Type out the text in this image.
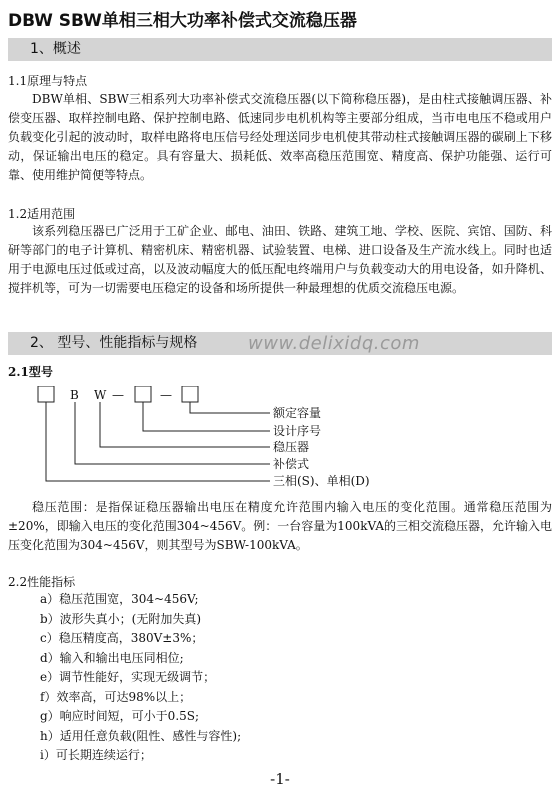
DBW SBW单相三相大功率补偿式交流稳压器
1、概述
1.1原理与特点

DBW单相、SBW三相系列大功率补偿式交流稳压器(以下简称稳压器)，是由柱式接触调压器、补偿变压器、取样控制电路、保护控制电路、低速同步电机机构等主要部分组成，当市电电压不稳或用户负载变化引起的波动时，取样电路将电压信号经处理送同步电机使其带动柱式接触调压器的碳刷上下移动，保证输出电压的稳定。具有容量大、损耗低、效率高稳压范围宽、精度高、保护功能强、运行可靠、使用维护简便等特点。

1.2适用范围

该系列稳压器已广泛用于工矿企业、邮电、油田、铁路、建筑工地、学校、医院、宾馆、国防、科研等部门的电子计算机、精密机床、精密机器、试验装置、电梯、进口设备及生产流水线上。同时也适用于电源电压过低或过高，以及波动幅度大的低压配电终端用户与负载变动大的用电设备，如升降机、搅拌机等，可为一切需要电压稳定的设备和场所提供一种最理想的优质交流稳压电源。

2、 型号、性能指标与规格	www.delixidq.com
2.1型号
B W —	—
额定容量
设计序号
稳压器
补偿式
三相(S)、单相(D)

稳压范围：是指保证稳压器输出电压在精度允许范围内输入电压的变化范围。通常稳压范围为±20%，即输入电压的变化范围304~456V。例：一台容量为100kVA的三相交流稳压器，允许输入电压变化范围为304~456V，则其型号为SBW-100kVA。

2.2性能指标
a）稳压范围宽，304~456V;
b）波形失真小；(无附加失真)
c）稳压精度高，380V±3%；
d）输入和输出电压同相位;
e）调节性能好，实现无级调节；
f）效率高，可达98%以上；
g）响应时间短，可小于0.5S;
h）适用任意负载(阻性、感性与容性);
i）可长期连续运行；
-1-
